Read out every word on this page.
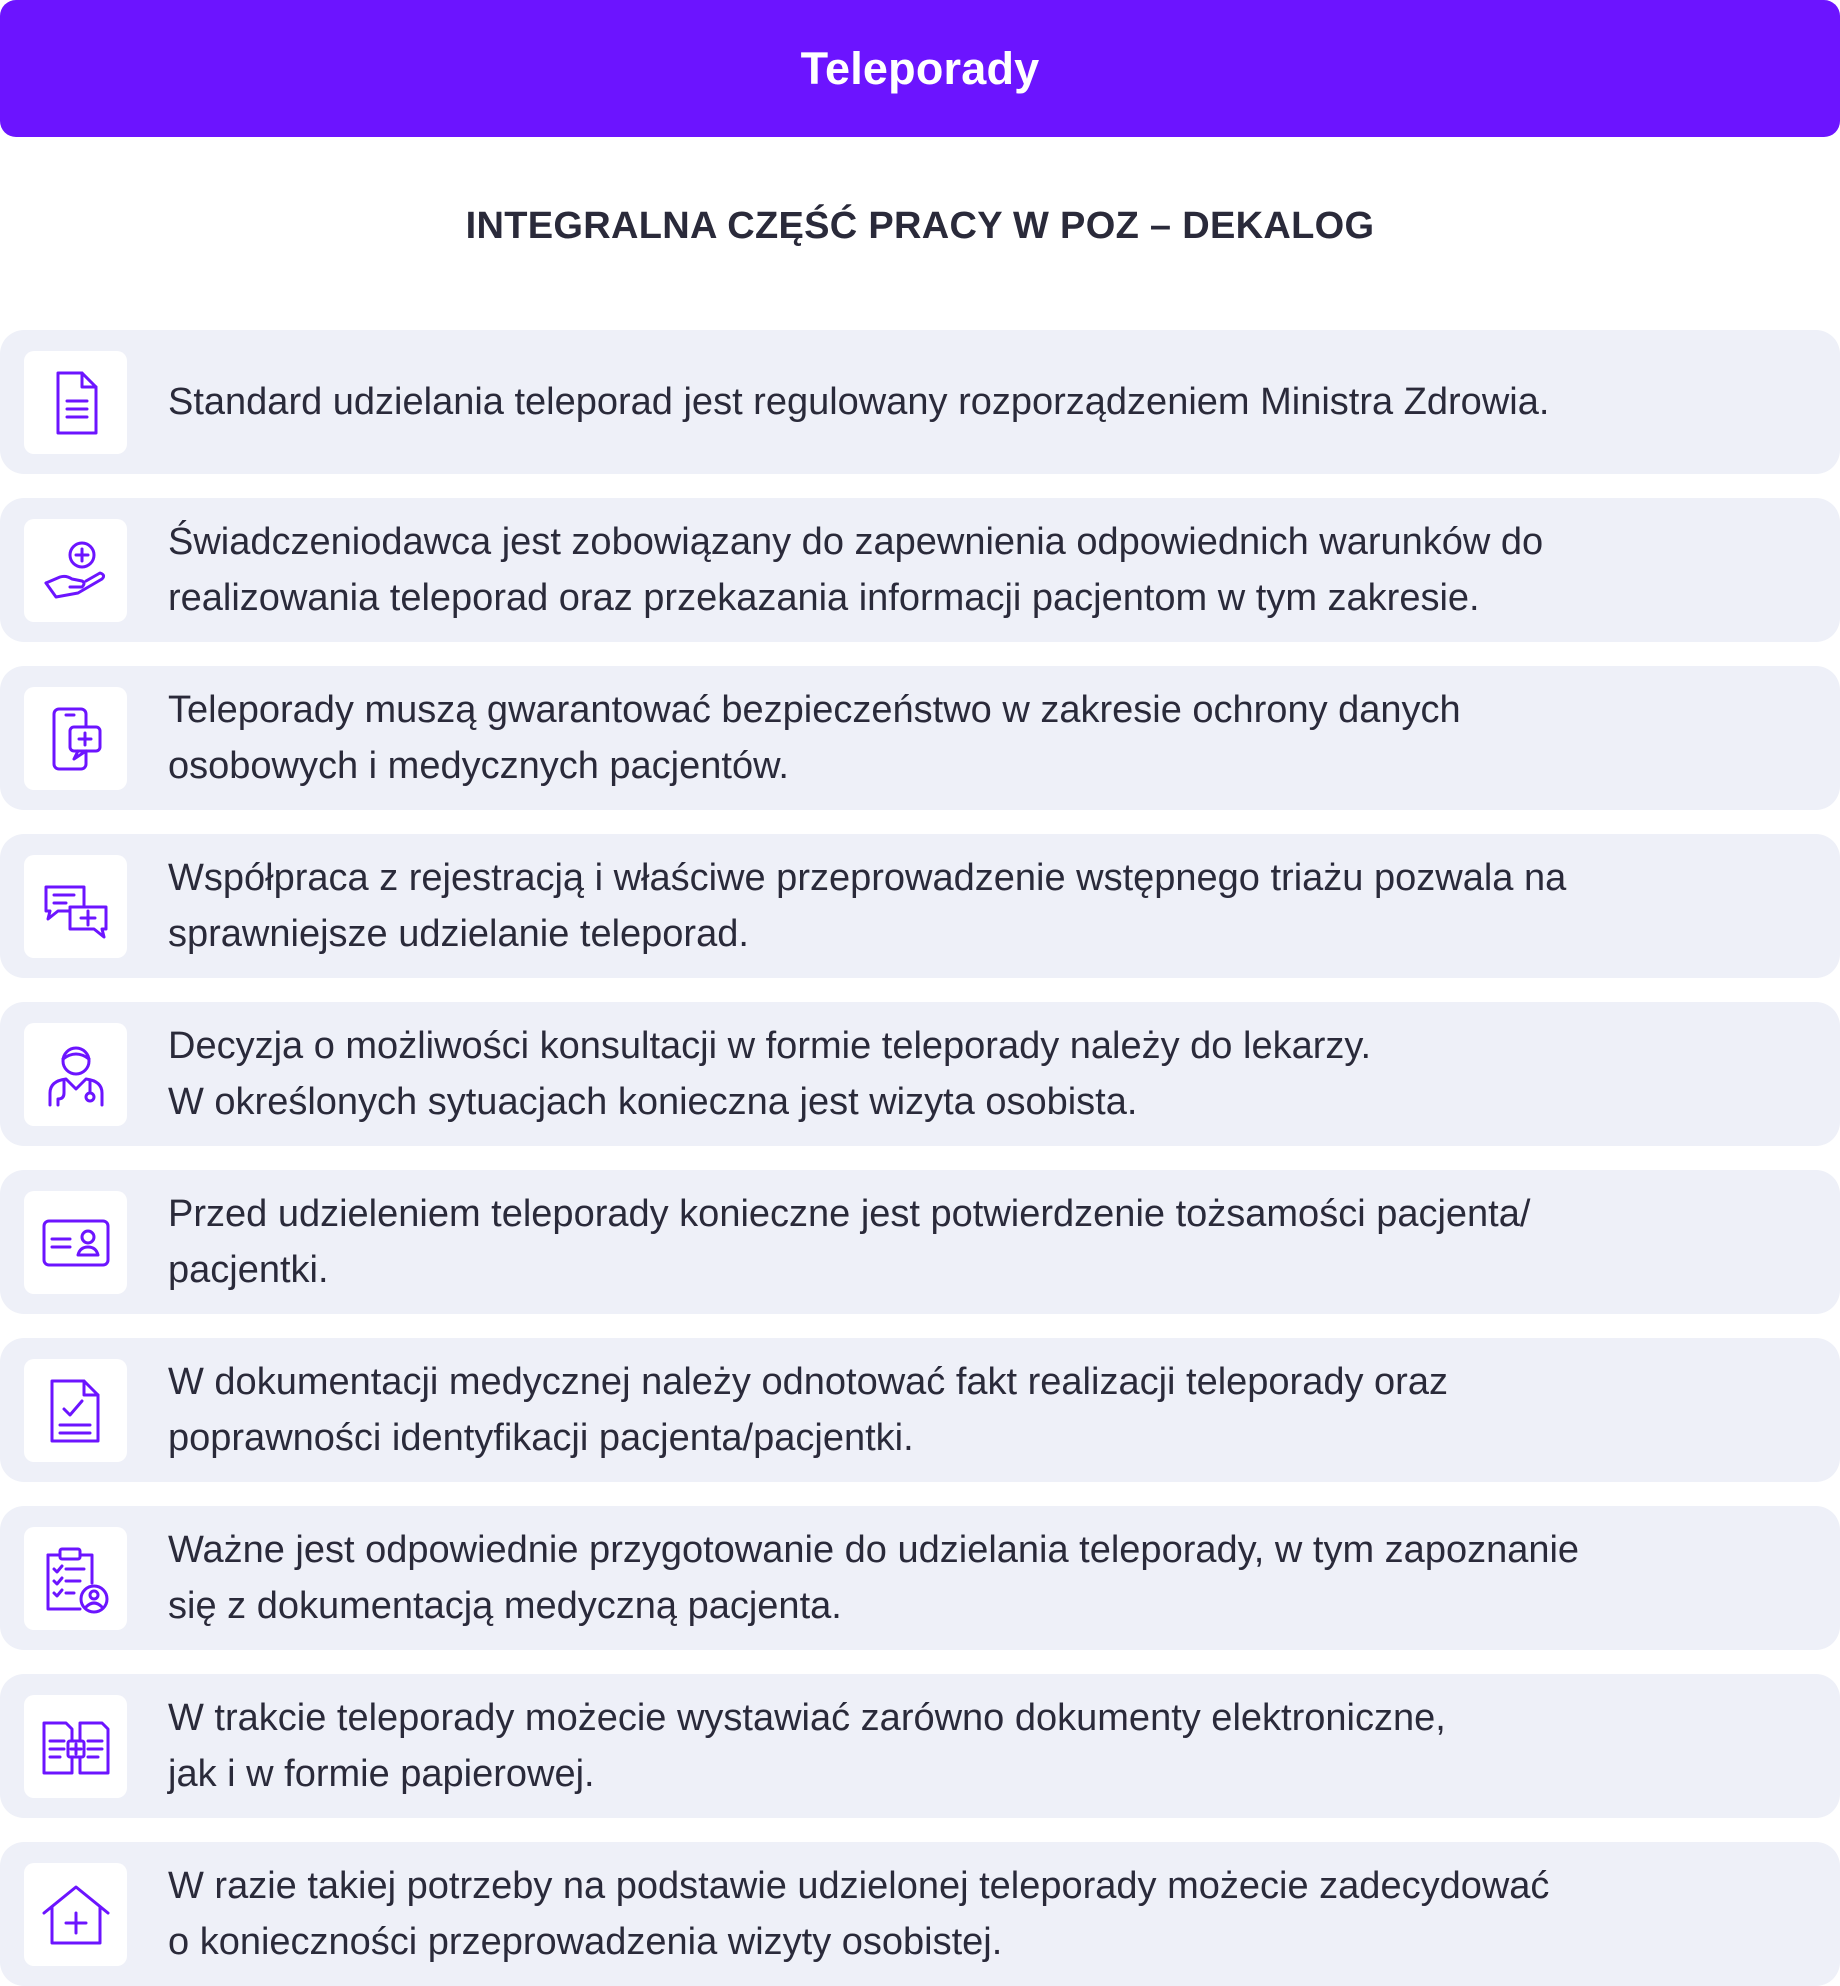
Teleporady
INTEGRALNA CZĘŚĆ PRACY W POZ – DEKALOG
Standard udzielania teleporad jest regulowany rozporządzeniem Ministra Zdrowia.
Świadczeniodawca jest zobowiązany do zapewnienia odpowiednich warunków do
realizowania teleporad oraz przekazania informacji pacjentom w tym zakresie.
Teleporady muszą gwarantować bezpieczeństwo w zakresie ochrony danych
osobowych i medycznych pacjentów.
Współpraca z rejestracją i właściwe przeprowadzenie wstępnego triażu pozwala na
sprawniejsze udzielanie teleporad.
Decyzja o możliwości konsultacji w formie teleporady należy do lekarzy.
W określonych sytuacjach konieczna jest wizyta osobista.
Przed udzieleniem teleporady konieczne jest potwierdzenie tożsamości pacjenta/
pacjentki.
W dokumentacji medycznej należy odnotować fakt realizacji teleporady oraz
poprawności identyfikacji pacjenta/pacjentki.
Ważne jest odpowiednie przygotowanie do udzielania teleporady, w tym zapoznanie
się z dokumentacją medyczną pacjenta.
W trakcie teleporady możecie wystawiać zarówno dokumenty elektroniczne,
jak i w formie papierowej.
W razie takiej potrzeby na podstawie udzielonej teleporady możecie zadecydować
o konieczności przeprowadzenia wizyty osobistej.
